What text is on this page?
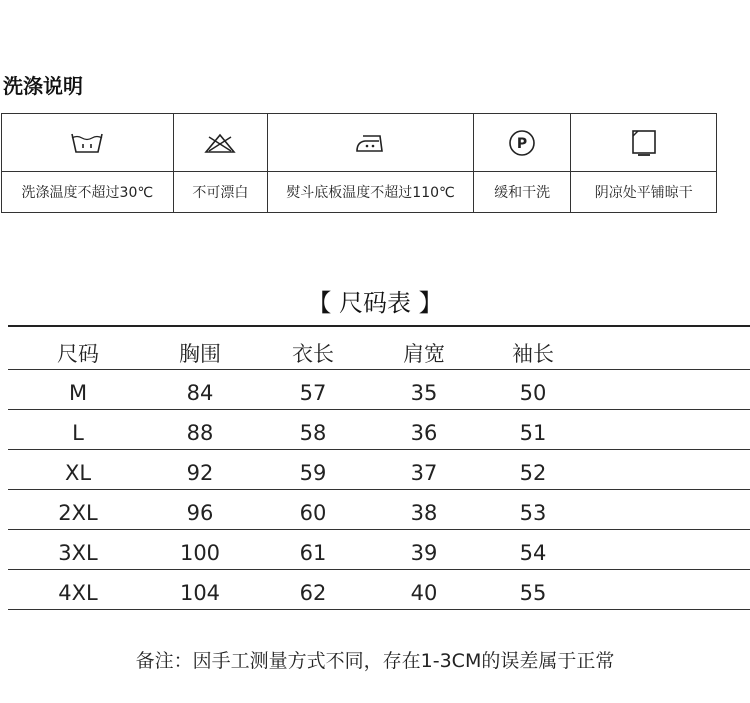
洗涤说明

P

洗涤温度不超过30℃	不可漂白	熨斗底板温度不超过110℃	缓和干洗	阴凉处平铺晾干
【 尺码表 】
尺码	胸围	衣长	肩宽	袖长
M	84	57	35	50
L	88	58	36	51
XL	92	59	37	52
2XL	96	60	38	53
3XL	100	61	39	54
4XL	104	62	40	55
备注：因手工测量方式不同，存在1-3CM的误差属于正常
